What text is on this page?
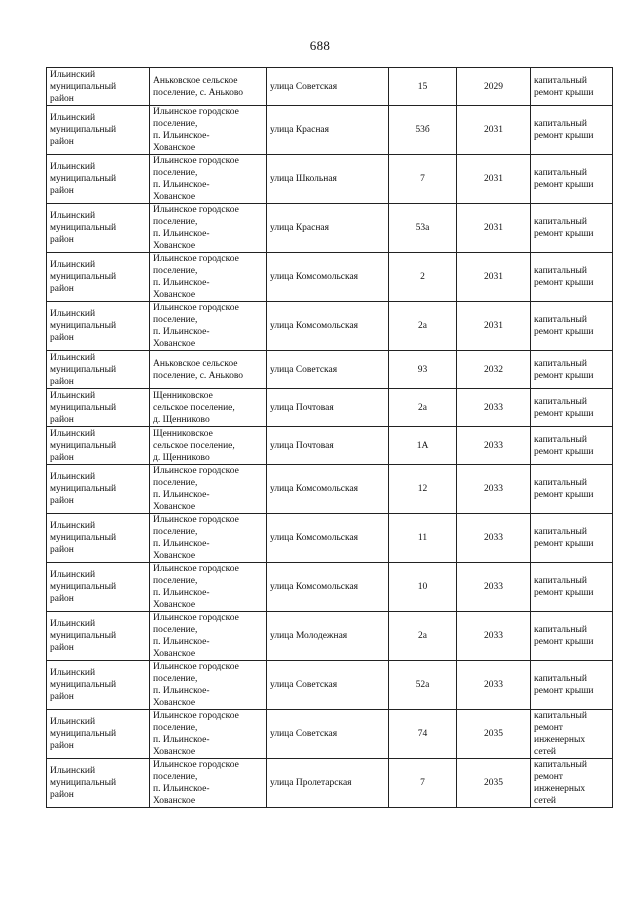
688
Ильинский
муниципальный
район	Аньковское сельское
поселение, с. Аньково	улица Советская	15	2029	капитальный
ремонт крыши

Ильинский
муниципальный
район	Ильинское городское
поселение,
п. Ильинское-
Хованское	улица Красная	53б	2031	капитальный
ремонт крыши

Ильинский
муниципальный
район	Ильинское городское
поселение,
п. Ильинское-
Хованское	улица Школьная	7	2031	капитальный
ремонт крыши

Ильинский
муниципальный
район	Ильинское городское
поселение,
п. Ильинское-
Хованское	улица Красная	53а	2031	капитальный
ремонт крыши

Ильинский
муниципальный
район	Ильинское городское
поселение,
п. Ильинское-
Хованское	улица Комсомольская	2	2031	капитальный
ремонт крыши

Ильинский
муниципальный
район	Ильинское городское
поселение,
п. Ильинское-
Хованское	улица Комсомольская	2а	2031	капитальный
ремонт крыши

Ильинский
муниципальный
район	Аньковское сельское
поселение, с. Аньково	улица Советская	93	2032	капитальный
ремонт крыши

Ильинский
муниципальный
район	Щенниковское
сельское поселение,
д. Щенниково	улица Почтовая	2а	2033	капитальный
ремонт крыши

Ильинский
муниципальный
район	Щенниковское
сельское поселение,
д. Щенниково	улица Почтовая	1А	2033	капитальный
ремонт крыши

Ильинский
муниципальный
район	Ильинское городское
поселение,
п. Ильинское-
Хованское	улица Комсомольская	12	2033	капитальный
ремонт крыши

Ильинский
муниципальный
район	Ильинское городское
поселение,
п. Ильинское-
Хованское	улица Комсомольская	11	2033	капитальный
ремонт крыши

Ильинский
муниципальный
район	Ильинское городское
поселение,
п. Ильинское-
Хованское	улица Комсомольская	10	2033	капитальный
ремонт крыши

Ильинский
муниципальный
район	Ильинское городское
поселение,
п. Ильинское-
Хованское	улица Молодежная	2а	2033	капитальный
ремонт крыши

Ильинский
муниципальный
район	Ильинское городское
поселение,
п. Ильинское-
Хованское	улица Советская	52а	2033	капитальный
ремонт крыши

Ильинский
муниципальный
район	Ильинское городское
поселение,
п. Ильинское-
Хованское	улица Советская	74	2035	капитальный
ремонт
инженерных
сетей

Ильинский
муниципальный
район	Ильинское городское
поселение,
п. Ильинское-
Хованское	улица Пролетарская	7	2035	капитальный
ремонт
инженерных
сетей
